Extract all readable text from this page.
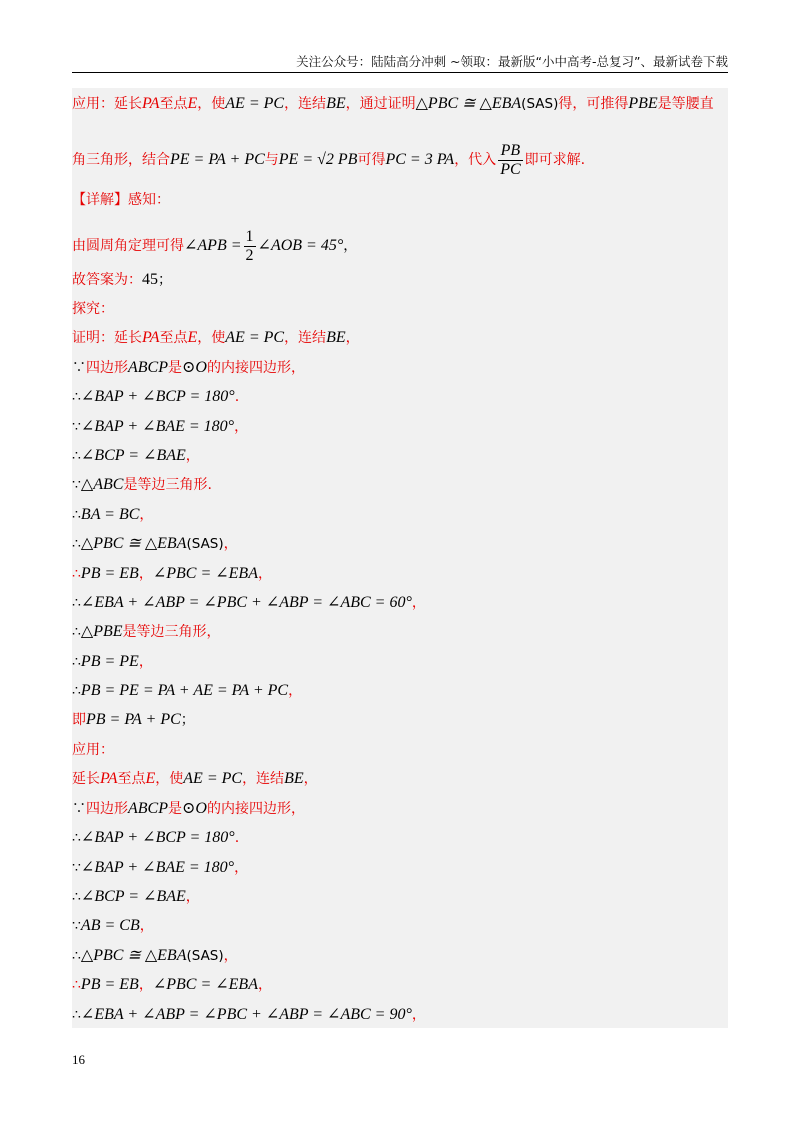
关注公众号：陆陆高分冲刺 ~领取：最新版“小中高考-总复习”、最新试卷下载
应用：延长PA至点E，使AE = PC，连结BE，通过证明△PBC ≅ △EBA(SAS)得，可推得PBE是等腰直
角三角形，结合PE = PA + PC与PE = √2 PB可得PC = 3 PA，代入 $\frac{PB}{PC}$ 即可求解.
【详解】感知：
由圆周角定理可得∠APB = $\frac{1}{2}$ ∠AOB = 45°，
故答案为：45；
探究：
证明：延长PA至点E，使AE = PC，连结BE，
∵四边形ABCP是⊙O的内接四边形，
∴∠BAP + ∠BCP = 180°.
∵∠BAP + ∠BAE = 180°，
∴∠BCP = ∠BAE，
∵△ABC是等边三角形.
∴BA = BC，
∴△PBC ≅ △EBA(SAS)，
∴PB = EB，∠PBC = ∠EBA，
∴∠EBA + ∠ABP = ∠PBC + ∠ABP = ∠ABC = 60°，
∴△PBE是等边三角形，
∴PB = PE，
∴PB = PE = PA + AE = PA + PC，
即PB = PA + PC；
应用：
延长PA至点E，使AE = PC，连结BE，
∵四边形ABCP是⊙O的内接四边形，
∴∠BAP + ∠BCP = 180°.
∵∠BAP + ∠BAE = 180°，
∴∠BCP = ∠BAE，
∵AB = CB，
∴△PBC ≅ △EBA(SAS)，
∴PB = EB，∠PBC = ∠EBA，
∴∠EBA + ∠ABP = ∠PBC + ∠ABP = ∠ABC = 90°，
16
